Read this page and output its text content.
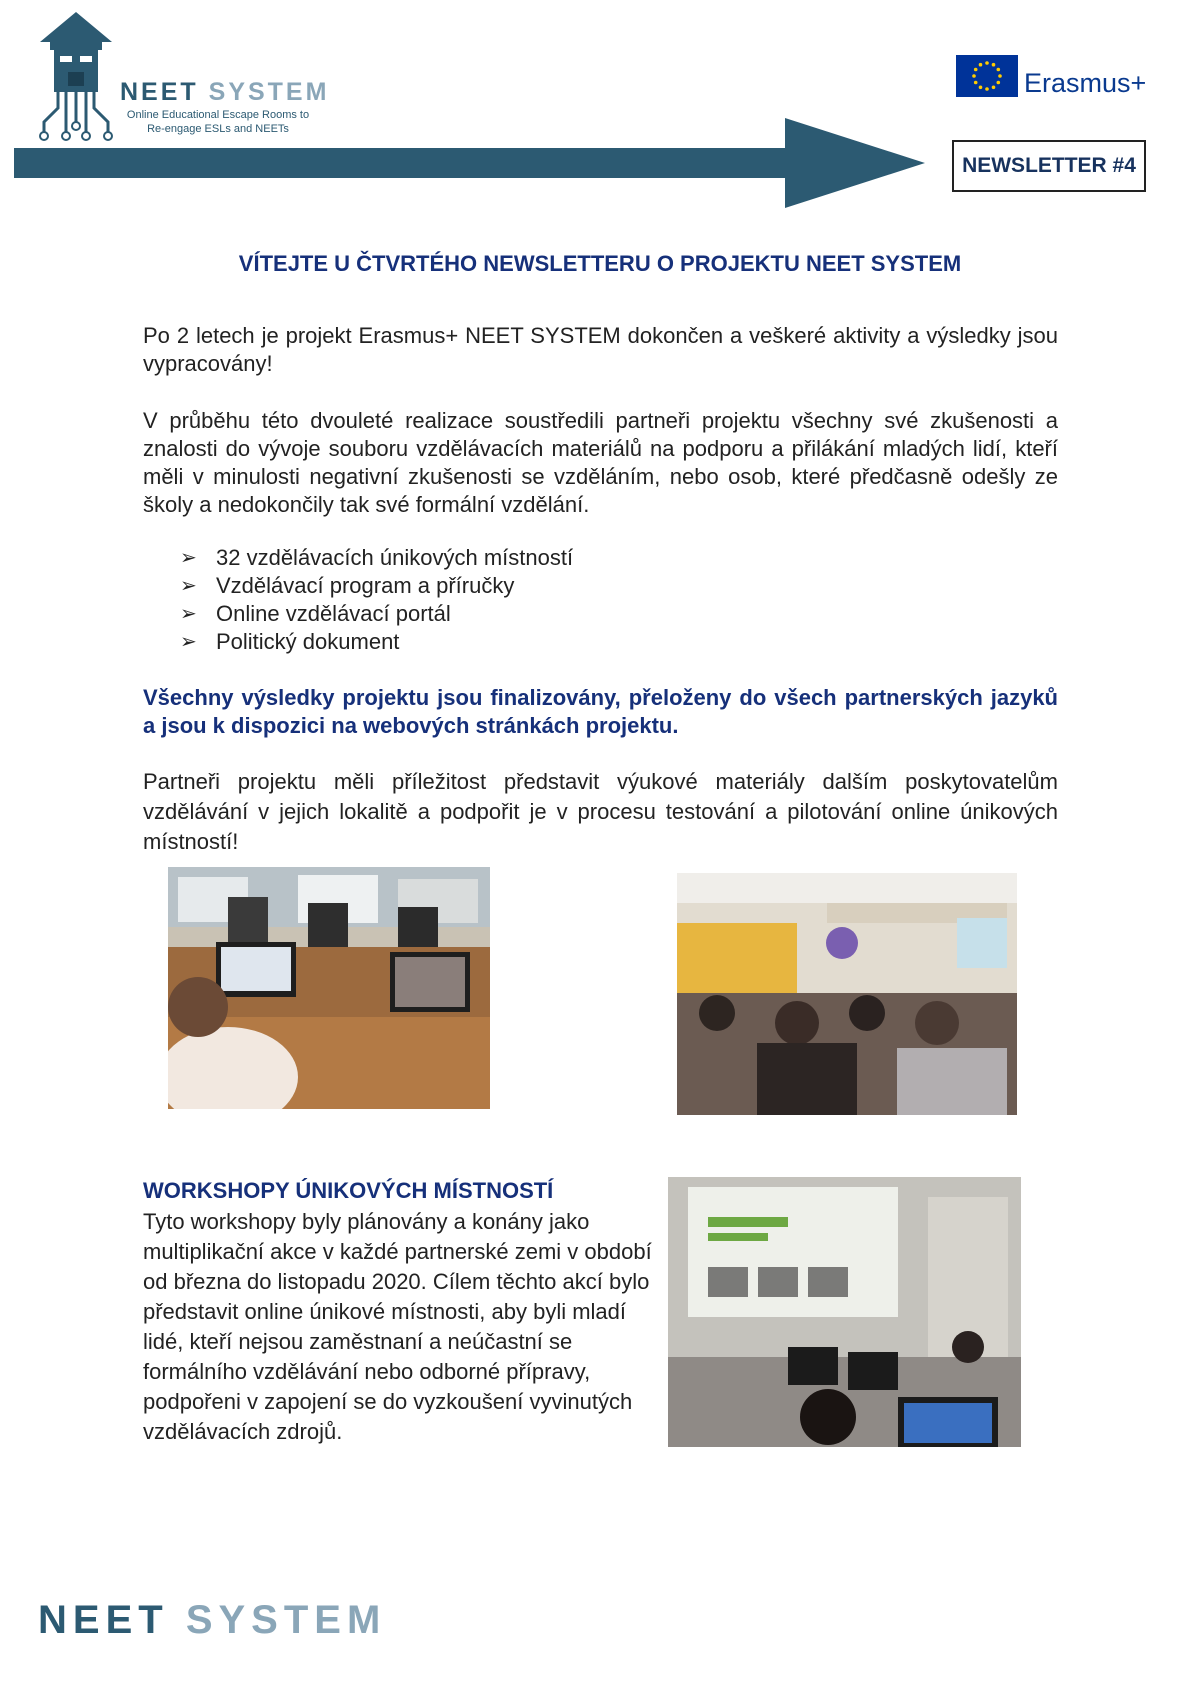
NEET SYSTEM
Online Educational Escape Rooms to
Re-engage ESLs and NEETs
Erasmus+
NEWSLETTER #4
VÍTEJTE U ČTVRTÉHO NEWSLETTERU O PROJEKTU NEET SYSTEM
Po 2 letech je projekt Erasmus+ NEET SYSTEM dokončen a veškeré aktivity a výsledky jsou vypracovány!
V průběhu této dvouleté realizace soustředili partneři projektu všechny své zkušenosti a znalosti do vývoje souboru vzdělávacích materiálů na podporu a přilákání mladých lidí, kteří měli v minulosti negativní zkušenosti se vzděláním, nebo osob, které předčasně odešly ze školy a nedokončily tak své formální vzdělání.
➢ 32 vzdělávacích únikových místností
➢ Vzdělávací program a příručky
➢ Online vzdělávací portál
➢ Politický dokument
Všechny výsledky projektu jsou finalizovány, přeloženy do všech partnerských jazyků a jsou k dispozici na webových stránkách projektu.
Partneři projektu měli příležitost představit výukové materiály dalším poskytovatelům vzdělávání v jejich lokalitě a podpořit je v procesu testování a pilotování online únikových místností!
WORKSHOPY ÚNIKOVÝCH MÍSTNOSTÍ
Tyto workshopy byly plánovány a konány jako multiplikační akce v každé partnerské zemi v období od března do listopadu 2020. Cílem těchto akcí bylo představit online únikové místnosti, aby byli mladí lidé, kteří nejsou zaměstnaní a neúčastní se formálního vzdělávání nebo odborné přípravy, podpořeni v zapojení se do vyzkoušení vyvinutých vzdělávacích zdrojů.
NEET SYSTEM
